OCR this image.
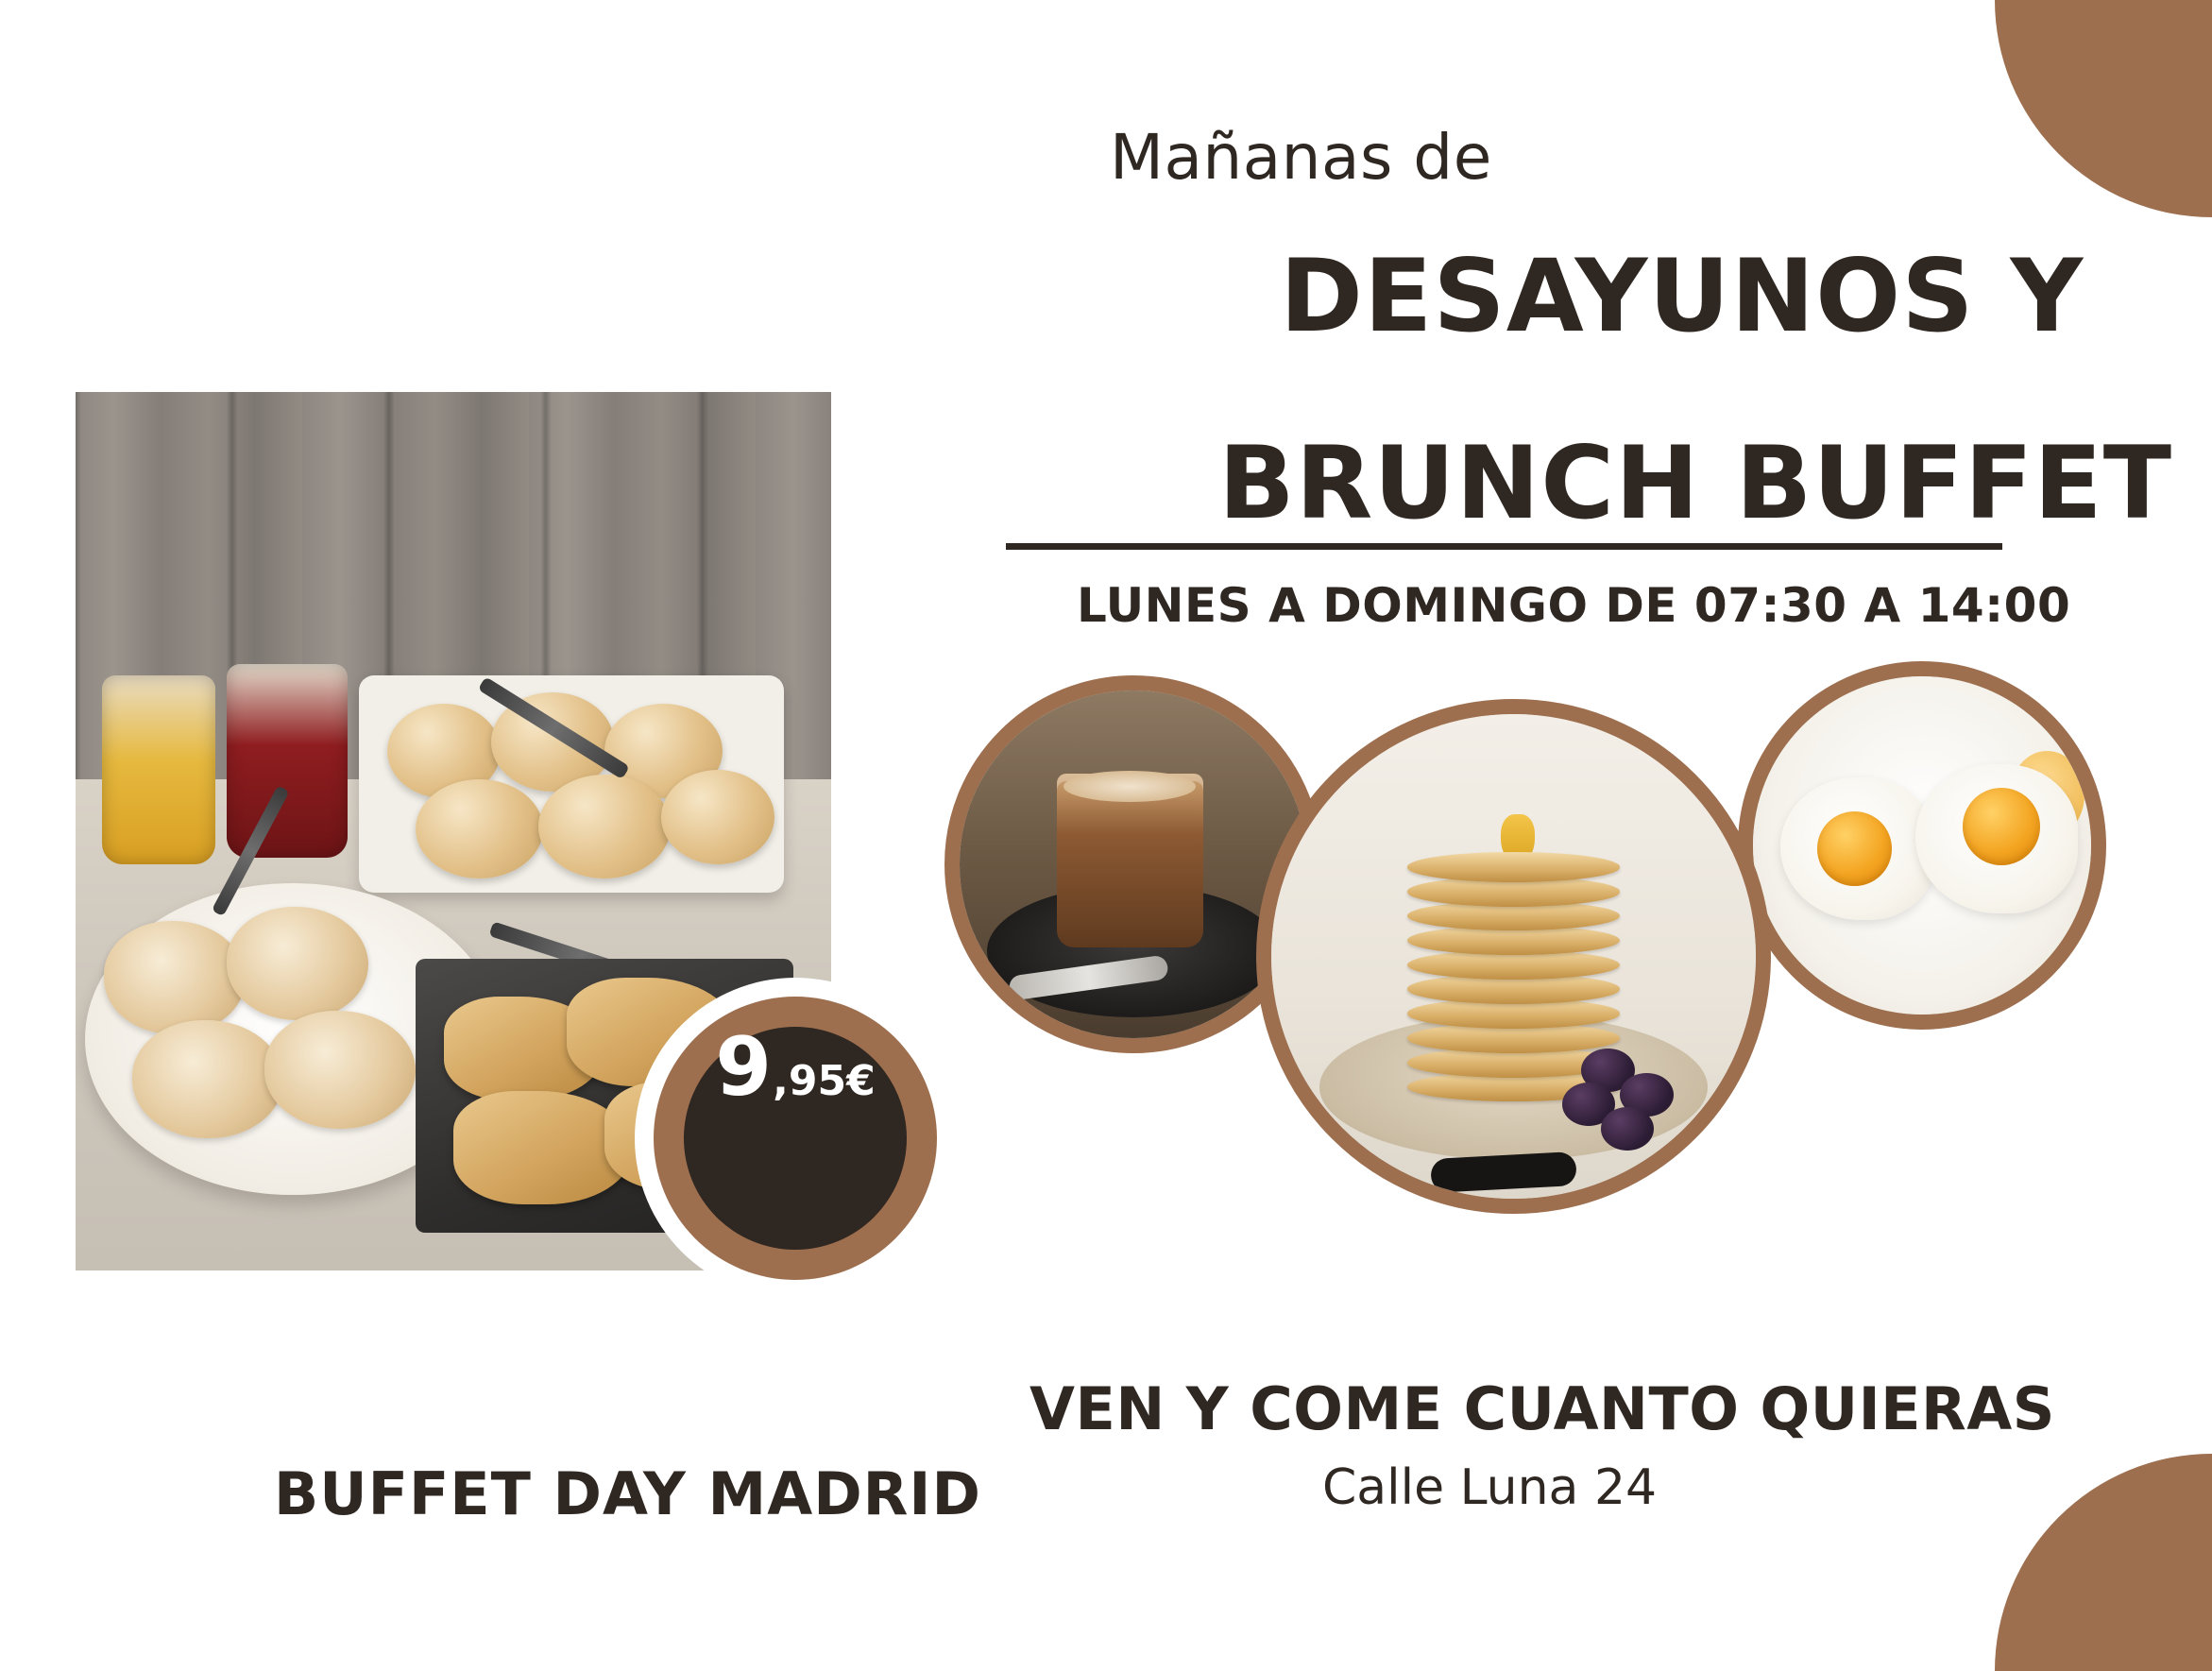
9 ,95€
Mañanas de
DESAYUNOS Y
BRUNCH BUFFET
LUNES A DOMINGO DE 07:30 A 14:00
VEN Y COME CUANTO QUIERAS
Calle Luna 24
BUFFET DAY MADRID
